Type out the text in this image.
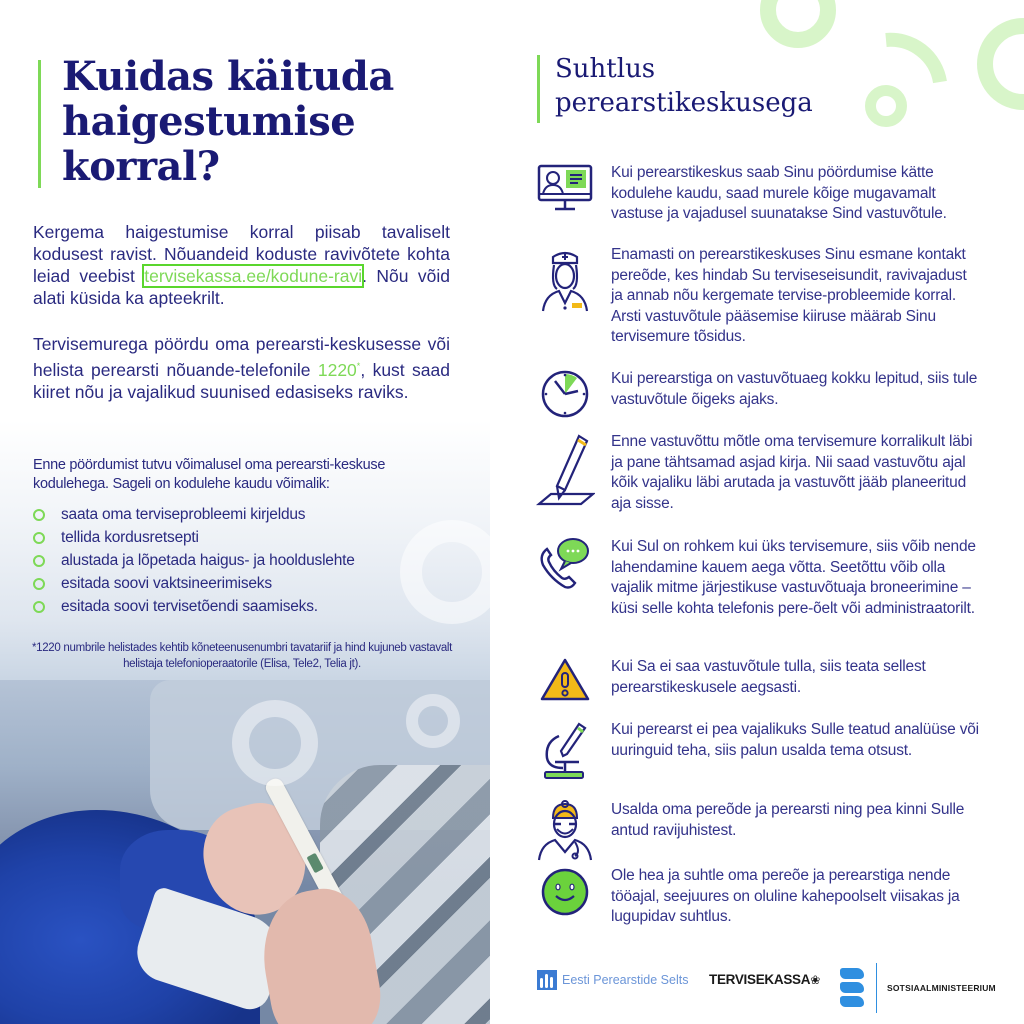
Kuidas käituda
haigestumise
korral?

Kergema haigestumise korral piisab tavaliselt kodusest ravist. Nõuandeid koduste ravivõtete kohta leiad veebist tervisekassa.ee/kodune-ravi. Nõu võid alati küsida ka apteekrilt.

Tervisemurega pöördu oma perearsti-keskusesse või helista perearsti nõuande-telefonile 1220*, kust saad kiiret nõu ja vajalikud suunised edasiseks raviks.

Enne pöördumist tutvu võimalusel oma perearsti-keskuse kodulehega. Sageli on kodulehe kaudu võimalik:

saata oma terviseprobleemi kirjeldus
tellida kordusretsepti
alustada ja lõpetada haigus- ja hoolduslehte
esitada soovi vaktsineerimiseks
esitada soovi tervisetõendi saamiseks.

*1220 numbrile helistades kehtib kõneteenusenumbri tavatariif ja hind kujuneb vastavalt helistaja telefonioperaatorile (Elisa, Tele2, Telia jt).

Suhtlus
perearstikeskusega

Kui perearstikeskus saab Sinu pöördumise kätte kodulehe kaudu, saad murele kõige mugavamalt vastuse ja vajadusel suunatakse Sind vastuvõtule.

Enamasti on perearstikeskuses Sinu esmane kontakt pereõde, kes hindab Su terviseseisundit, ravivajadust ja annab nõu kergemate tervise-probleemide korral. Arsti vastuvõtule pääsemise kiiruse määrab Sinu tervisemure tõsidus.

Kui perearstiga on vastuvõtuaeg kokku lepitud, siis tule vastuvõtule õigeks ajaks.

Enne vastuvõttu mõtle oma tervisemure korralikult läbi ja pane tähtsamad asjad kirja. Nii saad vastuvõtu ajal kõik vajaliku läbi arutada ja vastuvõtt jääb planeeritud aja sisse.

Kui Sul on rohkem kui üks tervisemure, siis võib nende lahendamine kauem aega võtta. Seetõttu võib olla vajalik mitme järjestikuse vastuvõtuaja broneerimine – küsi selle kohta telefonis pere-õelt või administraatorilt.

Kui Sa ei saa vastuvõtule tulla, siis teata sellest perearstikeskusele aegsasti.

Kui perearst ei pea vajalikuks Sulle teatud analüüse või uuringuid teha, siis palun usalda tema otsust.

Usalda oma pereõde ja perearsti ning pea kinni Sulle antud ravijuhistest.

Ole hea ja suhtle oma pereõe ja perearstiga nende tööajal, seejuures on oluline kahepoolselt viisakas ja lugupidav suhtlus.

Eesti Perearstide Selts TERVISEKASSA❀
SOTSIAALMINISTEERIUM
